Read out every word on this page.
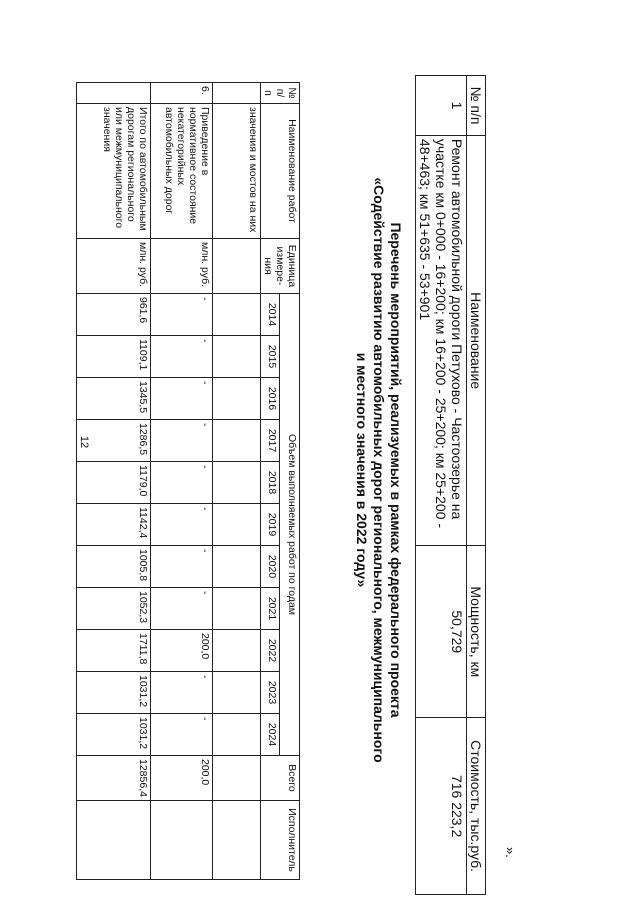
12
№ п/п	Наименование работ	Единица измере-ния	Объем выполняемых работ по годам											Всего	Исполнитель
			2014	2015	2016	2017	2018	2019	2020	2021	2022	2023	2024		
	значения и мостов на них														
6.	Приведение в нормативное состояние некатегорийных автомобильных дорог	млн. руб.	-	-	-	-	-	-	-	-	200,0	-	-	200,0	
	Итого по автомобильным дорогам регионального или межмуниципального значения	млн. руб.	961,6	1109,1	1345,5	1286,5	1179,0	1142,4	1005,8	1052,3	1711,8	1031,2	1031,2	12856,4	
Перечень мероприятий, реализуемых в рамках федерального проекта
«Содействие развитию автомобильных дорог регионального, межмуниципального
и местного значения в 2022 году»
№ п/п	Наименование	Мощность, км	Стоимость, тыс.руб.
1	Ремонт автомобильной дороги Петухово - Частоозерье на участке км 0+000 - 16+200; км 16+200 - 25+200; км 25+200 - 48+463; км 51+635 - 53+901	50,729	716 223,2
».
